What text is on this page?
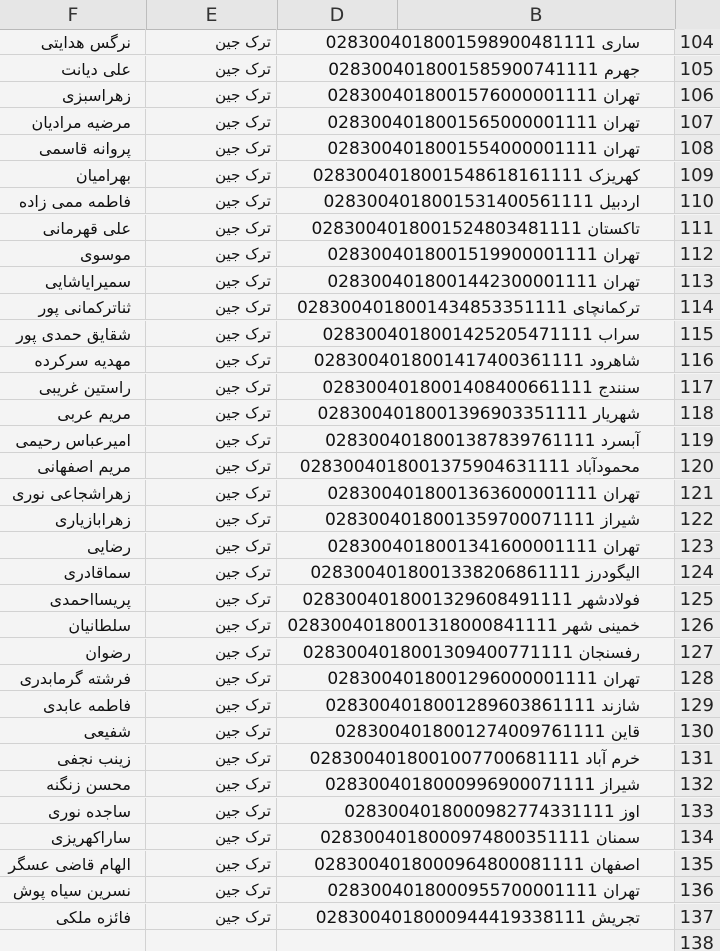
F	E	D	B
نرگس هدایتی	ترک جین	0283004018001598900481111 ساری	104
علی دیانت	ترک جین	0283004018001585900741111 جهرم	105
زهراسبزی	ترک جین	0283004018001576000001111 تهران	106
مرضیه مرادیان	ترک جین	0283004018001565000001111 تهران	107
پروانه قاسمی	ترک جین	0283004018001554000001111 تهران	108
بهرامیان	ترک جین	0283004018001548618161111 کهریزک	109
فاطمه ممی زاده	ترک جین	0283004018001531400561111 اردبیل	110
علی قهرمانی	ترک جین	0283004018001524803481111 تاکستان	111
موسوی	ترک جین	0283004018001519900001111 تهران	112
سمیرایاشایی	ترک جین	0283004018001442300001111 تهران	113
ثناترکمانی پور	ترک جین	0283004018001434853351111 ترکمانچای	114
شقایق حمدی پور	ترک جین	0283004018001425205471111 سراب	115
مهدیه سرکرده	ترک جین	0283004018001417400361111 شاهرود	116
راستین غریبی	ترک جین	0283004018001408400661111 سنندج	117
مریم عربی	ترک جین	0283004018001396903351111 شهریار	118
امیرعباس رحیمی	ترک جین	0283004018001387839761111 آبسرد	119
مریم اصفهانی	ترک جین	0283004018001375904631111 محمودآباد	120
زهراشجاعی نوری	ترک جین	0283004018001363600001111 تهران	121
زهرابازیاری	ترک جین	0283004018001359700071111 شیراز	122
رضایی	ترک جین	0283004018001341600001111 تهران	123
سماقادری	ترک جین	0283004018001338206861111 الیگودرز	124
پریسااحمدی	ترک جین	0283004018001329608491111 فولادشهر	125
سلطانیان	ترک جین 0283004018001318000841111 خمینی شهر	126
رضوان	ترک جین	0283004018001309400771111 رفسنجان	127
فرشته گرمابدری	ترک جین	0283004018001296000001111 تهران	128
فاطمه عابدی	ترک جین	0283004018001289603861111 شازند	129
شفیعی	ترک جین	0283004018001274009761111 قاین	130
زینب نجفی	ترک جین	0283004018001007700681111 خرم آباد	131
محسن زنگنه	ترک جین	0283004018000996900071111 شیراز	132
ساجده نوری	ترک جین	0283004018000982774331111 اوز	133
ساراکهریزی	ترک جین	0283004018000974800351111 سمنان	134
الهام قاضی عسگر	ترک جین	0283004018000964800081111 اصفهان	135
نسرین سیاه پوش	ترک جین	0283004018000955700001111 تهران	136
فائزه ملکی	ترک جین	0283004018000944419338111 تجریش	137
138
